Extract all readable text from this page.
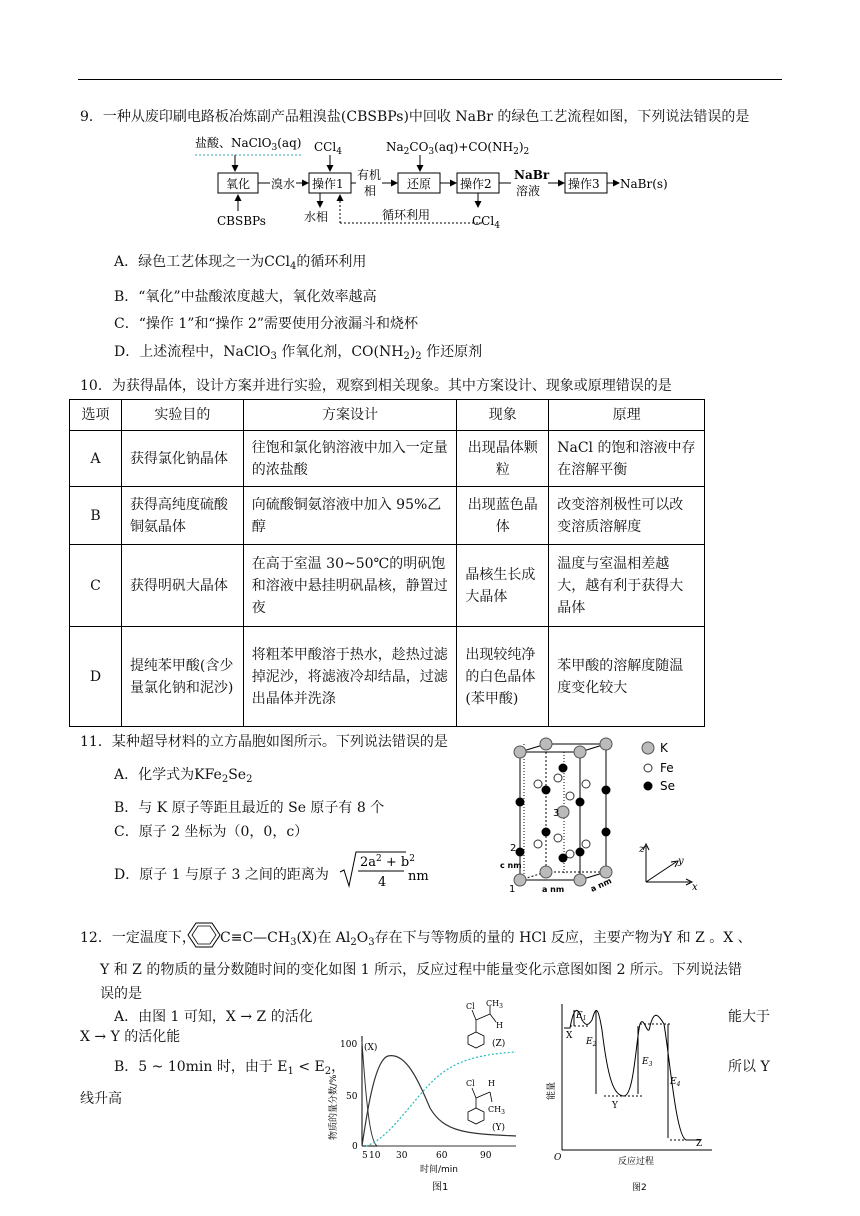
9．一种从废印刷电路板冶炼副产品粗溴盐(CBSBPs)中回收 NaBr 的绿色工艺流程如图，下列说法错误的是
盐酸、NaClO$_3$(aq) CCl$_4$	$Na_2CO_3(aq)+CO(NH_2)_2$
氧化 溴水 操作1
有机
相	还原 操作2
NaBr
溶液 操作3 NaBr(s)
CBSBPs	水相	循环利用	CCl$_4$
A．绿色工艺体现之一为CCl$_4$的循环利用
B．“氧化”中盐酸浓度越大，氧化效率越高
C．“操作 1”和“操作 2”需要使用分液漏斗和烧杯
D．上述流程中，NaClO$_3$ 作氧化剂，$CO(NH_2)_2$ 作还原剂
10．为获得晶体，设计方案并进行实验，观察到相关现象。其中方案设计、现象或原理错误的是
选项	实验目的	方案设计	现象	原理
A	获得氯化钠晶体	往饱和氯化钠溶液中加入一定量的浓盐酸	出现晶体颗粒	NaCl 的饱和溶液中存在溶解平衡
B	获得高纯度硫酸铜氨晶体	向硫酸铜氨溶液中加入 95%乙醇	出现蓝色晶体	改变溶剂极性可以改变溶质溶解度
C	获得明矾大晶体	在高于室温 30~50℃的明矾饱和溶液中悬挂明矾晶核，静置过夜	晶核生长成大晶体	温度与室温相差越大，越有利于获得大晶体
D	提纯苯甲酸(含少量氯化钠和泥沙)	将粗苯甲酸溶于热水，趁热过滤掉泥沙，将滤液冷却结晶，过滤出晶体并洗涤	出现较纯净的白色晶体(苯甲酸)	苯甲酸的溶解度随温度变化较大
11．某种超导材料的立方晶胞如图所示。下列说法错误的是
A．化学式为$KFe_2Se_2$
B．与 K 原子等距且最近的 Se 原子有 8 个
C．原子 2 坐标为（0，0，c）
D．原子 1 与原子 3 之间的距离为
$2a^2 + b^2$
4 nm
2
3
1
c nm
a nm	a nm
K
Fe
Se
z
y
x
12．一定温度下， $C\equiv C—CH_3(X)$在 $Al_2O_3$存在下与等物质的量的 HCl 反应，主要产物为Y 和 Z 。X 、
Y 和 Z 的物质的量分数随时间的变化如图 1 所示，反应过程中能量变化示意图如图 2 所示。下列说法错
误的是
A．由图 1 可知，X → Z 的活化	能大于
X → Y 的活化能
B．5 ~ 10min 时，由于 $E_1 < E_2$，	所以 Y
线升高	物质的量分数/%
0
50
100
5 10 30	60	90
时间/min
图1
(X)	(Z)
(Y)
Cl $CH_3$
H
Cl H
$CH_3$
O
能量
反应过程
图2
X
$E_1$
$E_2$
Y
$E_3$
$E_4$
Z
